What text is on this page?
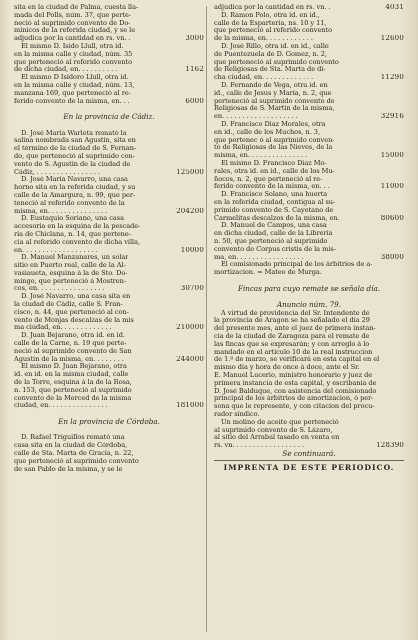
sita en la ciudad de Palma, cuesta lla-
mada del Polls, núm. 37, que perte-
neció al suprimido convento de Do-
minicos de la referida ciudad, y se le
adjudica por la cantidad en rs. vn. .	3000
El mismo D. Isido Llull, otra id.
en la misma calle y ciudad, núm. 35
que perteneció al referido convento
de dicha ciudad, en. . . . . . . . . .	1162
El mismo D Isidoro Llull, otra id.
en la misma calle y ciudad, núm. 13,
manzana 169, que perteneció al re-
ferido convento de la misma, en. . .	6000
En la provincia de Cádiz.
D. José María Warleta remató la
salina nombrada san Agustin, sita en
el término de la ciudad de S. Fernan-
do, que perteneció al suprimido con-
vento de S. Agustin de la ciudad de
Cádiz, . . . . . . . . . . . . . . . .	125000
D. José María Navarro, una casa
horno sita en la referida ciudad, y su
calle de la Amargura, n. 99, que per-
teneció al referido convento de la
misma, en. . . . . . . . . . . . . . .	204200
D. Eustaquio Soriano, una casa
accesoria en la esquina de la pescade-
ría de Chiclana, n. 14, que pertene-
cia al referido convento de dicha villa,
en. . . . . . . . . . . . . . . . . . .	10000
D. Manuel Manzanares, un solar
sitio en Puerto real, calle de la Al-
vasiaueta, esquina á la de Sto. Do-
mingo, que perteneció á Mostren-
cos, en. . . . . . . . . . . . . . . . .	30700
D. José Navarro, una casa sita en
la ciudad de Cádiz, calle S. Fran-
cisco, n. 44, que perteneció al con-
vento de Monjas descalzas de la mis
ma ciudad, en. . . . . . . . . . . . .	210000
D. Juan Bejarano, otra id. en id.
calle de la Carne, n. 19 que perte-
neció al suprimido convento de San
Agustin de la misma, en. . . . . . . .	244000
El mismo D. Juan Bejarano, otra
id. en id. en la misma ciudad, calle
de la Torre, esquina á la de la Rosa,
n. 153, que perteneció al suprimido
convento de la Merced de la misma
ciudad, en. . . . . . . . . . . . . . .	181000
En la provincia de Córdoba.
D. Rafael Triguillos remató una
casa sita en la ciudad de Córdoba,
calle de Sta. Marta de Gracia, n. 22,
que perteneció al suprimido convento
de san Pablo de la misma, y se le
adjudica por la cantidad en rs. vn. .	4031
D. Ramon Polo, otra id. en id.,
calle de la Espartería, ns. 10 y 11,
que perteneció al referido convento
de la misma, en. . . . . . . . . . . .	12600
D. José Rillo, otra id. en id., calle
de Puentezuela de D. Gomez, n. 2,
que perteneció al suprimido convento
de Religiosas de Sta. Marta de di-
cha ciudad, en. . . . . . . . . . . . .	11290
D. Fernando de Vega, otra id. en
id., calle de Jesus y María, n. 2, que
perteneció al suprimido convento de
Religiosas de S. Martin de la misma,
en. . . . . . . . . . . . . . . . . . .	32916
D. Francisco Diaz Morales, otra
en id., calle de los Muchos, n. 3,
que pertenec ó al suprimido conven-
to de Religiosas de las Nieves, de la
misma, en. . . . . . . . . . . . . . .	15000
El mismo D. Francisco Diaz Mo-
rales, otra id. en id., calle de los Mu-
ñocos, n. 2, que perteneció al re-
ferido convento de la misma, en. . .	11000
D. Francisco Solano, una huerta
en la referida ciudad, contigua al su-
primido convento de S. Cayetano de
Carmelitas descalzos de la misma, en.	80600
D. Manuel de Campos, una casa
en dicha ciudad, calle de la Librería
n. 50, que perteneció al suprimido
convento de Corpus cristis de la mis-
ma, en. . . . . . . . . . . . . . . . .	38000
El comisionado principal de los árbitrios de a-
mortizacion. = Mateo de Murga.
Fincas para cuyo remate se señala día.
Anuncio núm. 79.
A virtud de providencia del Sr. Intendente de
la provincia de Aragon se ha señalado el día 29
del presente mes, ante el juez de primera instan-
cia de la ciudad de Zaragoza para el remate de
las fincas que se expresarán; y con arreglo á lo
mandado en el artículo 10 de la real instruccion
de 1.º de marzo, se verificará en esta capital en el
mismo día y hora de once á doce, ante el Sr.
E. Manuel Lucerio, ministro honorario y juez de
primera instancia de esta capital, y escribanía de
D. José Balduque, con asistencia del comisionado
principal de los árbitrios de amortizacion, ó per-
sona que le represente, y con citacion del procu-
rador síndico.
Un molino de aceite que perteneció
al suprimido convento de S. Lázaro,
al sitio del Arrabal tasado en venta en
rs. vn. . . . . . . . . . . . . . . . . .	128390
Se continuará.
IMPRENTA DE ESTE PERIODICO.
